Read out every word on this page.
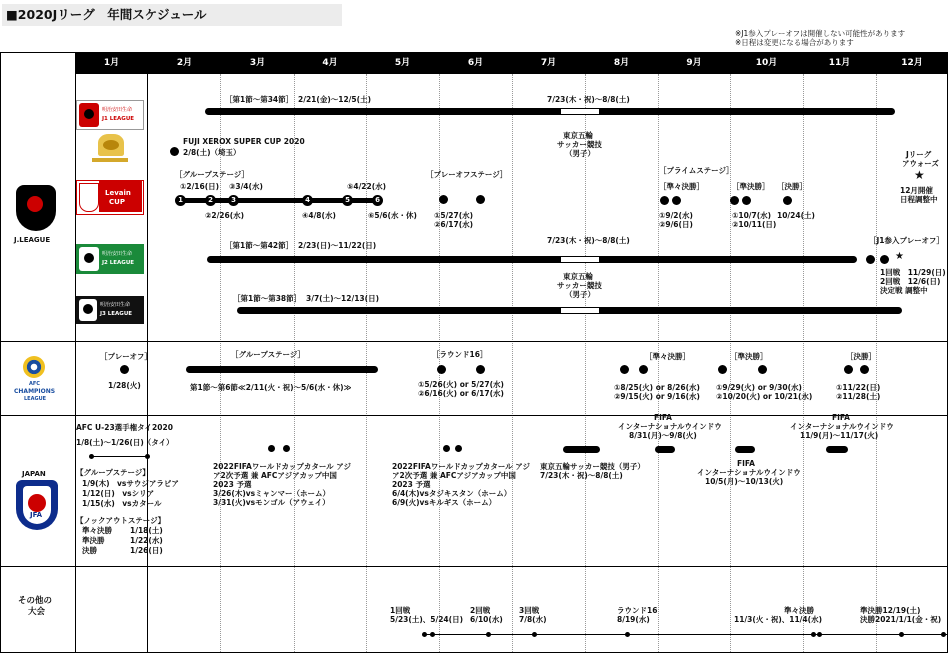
■2020Jリーグ　年間スケジュール
※J1参入プレーオフは開催しない可能性があります
※日程は変更になる場合があります
1月	2月	3月	4月	5月	6月	7月	8月	9月	10月	11月	12月
J.LEAGUE
明治安田生命
J1 LEAGUE
Levain
CUP
明治安田生命
J2 LEAGUE
明治安田生命
J3 LEAGUE
AFC
CHAMPIONS
LEAGUE
JAPAN
JFA
［第1節〜第34節］ 2/21(金)〜12/5(土)	7/23(木・祝)〜8/8(土)
東京五輪
サッカー競技
（男子）
FUJI XEROX SUPER CUP 2020
2/8(土)（埼玉）
［グループステージ］
①2/16(日) ③3/4(水)	⑤4/22(水)
1	2	3	4	5	6
②2/26(水)	④4/8(水)	⑥5/6(水・休)
［プレーオフステージ］
①5/27(水)
②6/17(水)
［プライムステージ］
［準々決勝］
①9/2(水)
②9/6(日)
［準決勝］
①10/7(水)
②10/11(日)
［決勝］
10/24(土)
Jリーグ
アウォーズ
★
12月開催
日程調整中
［第1節〜第42節］ 2/23(日)〜11/22(日)
7/23(木・祝)〜8/8(土)
東京五輪
サッカー競技
（男子）
［J1参入プレーオフ］
★
1回戦　11/29(日)
2回戦　12/6(日)
決定戦 調整中
［第1節〜第38節］ 3/7(土)〜12/13(日)
［プレーオフ］
1/28(火)
［グループステージ］
第1節〜第6節≪2/11(火・祝)〜5/6(水・休)≫
［ラウンド16］
①5/26(火) or 5/27(水)
②6/16(火) or 6/17(水)
［準々決勝］
①8/25(火) or 8/26(水)
②9/15(火) or 9/16(水)
［準決勝］
①9/29(火) or 9/30(水)
②10/20(火) or 10/21(水)
［決勝］
①11/22(日)
②11/28(土)
AFC U-23選手権タイ2020
1/8(土)〜1/26(日)（タイ）
【グループステージ】
1/9(木)　vsサウジアラビア
1/12(日)　vsシリア
1/15(水)　vsカタール
【ノックアウトステージ】
準々決勝 1/18(土)
準決勝	1/22(水)
決勝	1/26(日)
2022FIFAワールドカップカタール アジ
ア2次予選 兼 AFCアジアカップ中国
2023 予選
3/26(木)vsミャンマー（ホーム）
3/31(火)vsモンゴル（アウェイ）
2022FIFAワールドカップカタール アジ
ア2次予選 兼 AFCアジアカップ中国
2023 予選
6/4(木)vsタジキスタン（ホーム）
6/9(火)vsキルギス（ホーム）
東京五輪サッカー競技（男子）
7/23(木・祝)〜8/8(土)
FIFA
インターナショナルウインドウ
8/31(月)〜9/8(火)
FIFA
インターナショナルウインドウ
10/5(月)〜10/13(火)
FIFA
インターナショナルウインドウ
11/9(月)〜11/17(火)
その他の
大会	1回戦
5/23(土)、5/24(日)
2回戦
6/10(水)
3回戦
7/8(水)
ラウンド16
8/19(水)
準々決勝
11/3(火・祝)、11/4(水)
準決勝12/19(土)
決勝2021/1/1(金・祝)
